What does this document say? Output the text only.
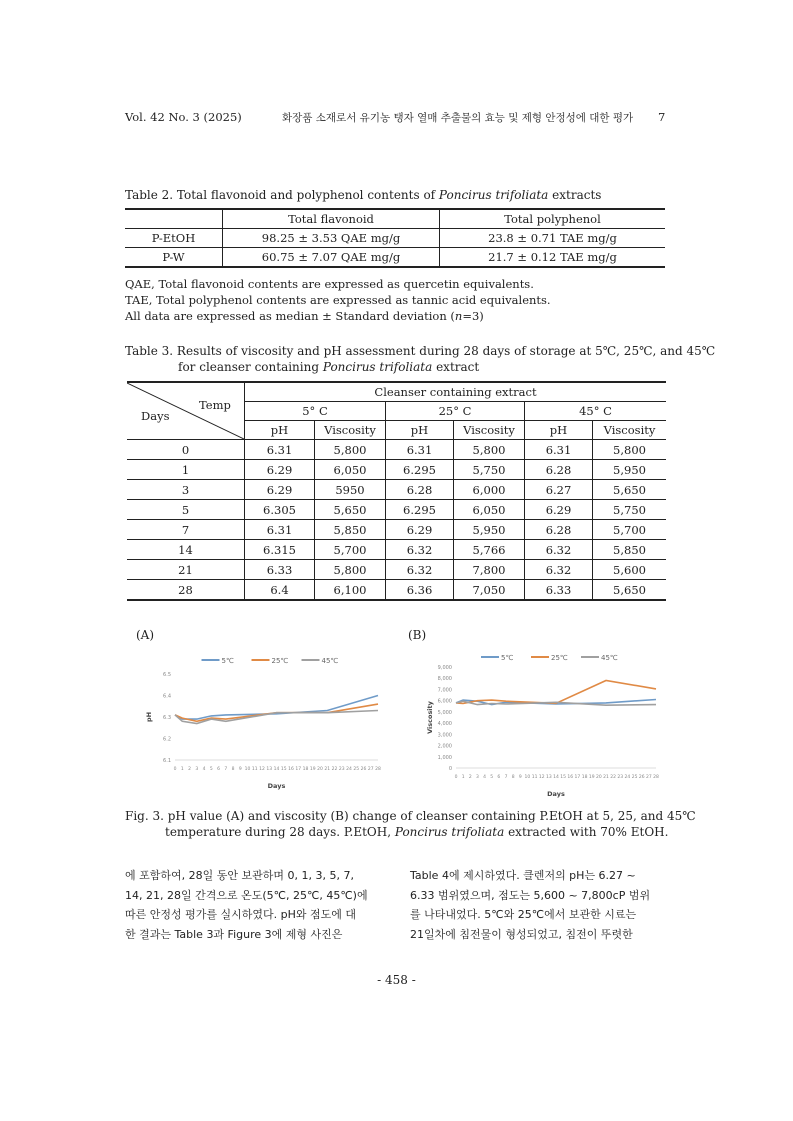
Vol. 42 No. 3 (2025)	화장품 소재로서 유기농 탱자 열매 추출물의 효능 및 제형 안정성에 대한 평가 7
Table 2. Total flavonoid and polyphenol contents of Poncirus trifoliata extracts
	Total flavonoid	Total polyphenol
P-EtOH	98.25 ± 3.53 QAE mg/g	23.8 ± 0.71 TAE mg/g
P-W	60.75 ± 7.07 QAE mg/g	21.7 ± 0.12 TAE mg/g
QAE, Total flavonoid contents are expressed as quercetin equivalents.
TAE, Total polyphenol contents are expressed as tannic acid equivalents.
All data are expressed as median ± Standard deviation (n=3)
Table 3. Results of viscosity and pH assessment during 28 days of storage at 5℃, 25℃, and 45℃
for cleanser containing Poncirus trifoliata extract
Temp
Days	Cleanser containing extract					
	5° C		25° C		45° C	
	pH	Viscosity	pH	Viscosity	pH	Viscosity
0	6.31	5,800	6.31	5,800	6.31	5,800
1	6.29	6,050	6.295	5,750	6.28	5,950
3	6.29	5950	6.28	6,000	6.27	5,650
5	6.305	5,650	6.295	6,050	6.29	5,750
7	6.31	5,850	6.29	5,950	6.28	5,700
14	6.315	5,700	6.32	5,766	6.32	5,850
21	6.33	5,800	6.32	7,800	6.32	5,600
28	6.4	6,100	6.36	7,050	6.33	5,650
(A)	(B)
5℃	25℃	45℃
6.5
6.4
6.3
6.2
6.1
0 1 2 3 4 5 6 7 8 9 10 11 12 13 14 15 16 17 18 19 20 21 22 23 24 25 26 27 28
Days
pH
5℃	25℃	45℃
9,000
8,000
7,000
6,000
5,000
4,000
3,000
2,000
1,000
0
0 1 2 3 4 5 6 7 8 9 10 11 12 13 14 15 16 17 18 19 20 21 22 23 24 25 26 27 28
Days
Viscosity
Fig. 3. pH value (A) and viscosity (B) change of cleanser containing P.EtOH at 5, 25, and 45℃
temperature during 28 days. P.EtOH, Poncirus trifoliata extracted with 70% EtOH.
에 포함하여, 28일 동안 보관하며 0, 1, 3, 5, 7,
14, 21, 28일 간격으로 온도(5℃, 25℃, 45℃)에
따른 안정성 평가를 실시하였다. pH와 점도에 대
한 결과는 Table 3과 Figure 3에 제형 사진은
Table 4에 제시하였다. 클렌저의 pH는 6.27 ~
6.33 범위였으며, 점도는 5,600 ~ 7,800cP 범위
를 나타내었다. 5℃와 25℃에서 보관한 시료는
21일차에 침전물이 형성되었고, 침전이 뚜렷한
- 458 -
